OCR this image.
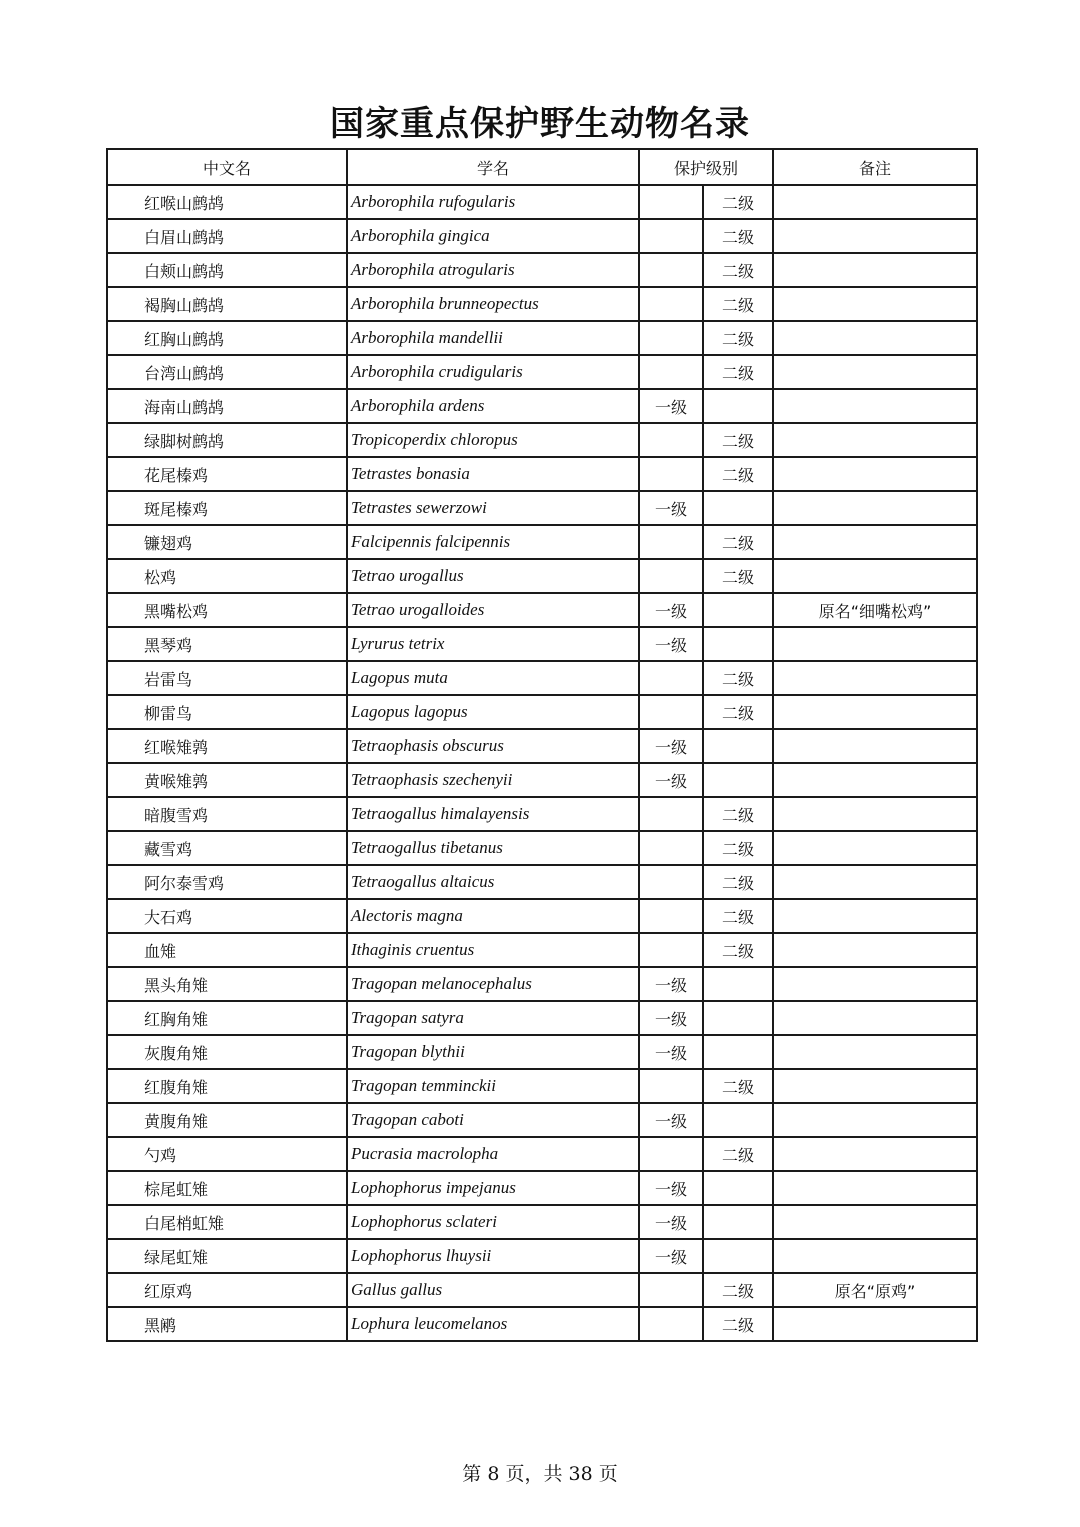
国家重点保护野生动物名录
中文名	学名	保护级别		备注
红喉山鹧鸪	Arborophila rufogularis		二级	
白眉山鹧鸪	Arborophila gingica		二级	
白颊山鹧鸪	Arborophila atrogularis		二级	
褐胸山鹧鸪	Arborophila brunneopectus		二级	
红胸山鹧鸪	Arborophila mandellii		二级	
台湾山鹧鸪	Arborophila crudigularis		二级	
海南山鹧鸪	Arborophila ardens	一级		
绿脚树鹧鸪	Tropicoperdix chloropus		二级	
花尾榛鸡	Tetrastes bonasia		二级	
斑尾榛鸡	Tetrastes sewerzowi	一级		
镰翅鸡	Falcipennis falcipennis		二级	
松鸡	Tetrao urogallus		二级	
黑嘴松鸡	Tetrao urogalloides	一级		原名“细嘴松鸡”
黑琴鸡	Lyrurus tetrix	一级		
岩雷鸟	Lagopus muta		二级	
柳雷鸟	Lagopus lagopus		二级	
红喉雉鹑	Tetraophasis obscurus	一级		
黄喉雉鹑	Tetraophasis szechenyii	一级		
暗腹雪鸡	Tetraogallus himalayensis		二级	
藏雪鸡	Tetraogallus tibetanus		二级	
阿尔泰雪鸡	Tetraogallus altaicus		二级	
大石鸡	Alectoris magna		二级	
血雉	Ithaginis cruentus		二级	
黑头角雉	Tragopan melanocephalus	一级		
红胸角雉	Tragopan satyra	一级		
灰腹角雉	Tragopan blythii	一级		
红腹角雉	Tragopan temminckii		二级	
黄腹角雉	Tragopan caboti	一级		
勺鸡	Pucrasia macrolopha		二级	
棕尾虹雉	Lophophorus impejanus	一级		
白尾梢虹雉	Lophophorus sclateri	一级		
绿尾虹雉	Lophophorus lhuysii	一级		
红原鸡	Gallus gallus		二级	原名“原鸡”
黑鹇	Lophura leucomelanos		二级	
第 8 页，共 38 页
